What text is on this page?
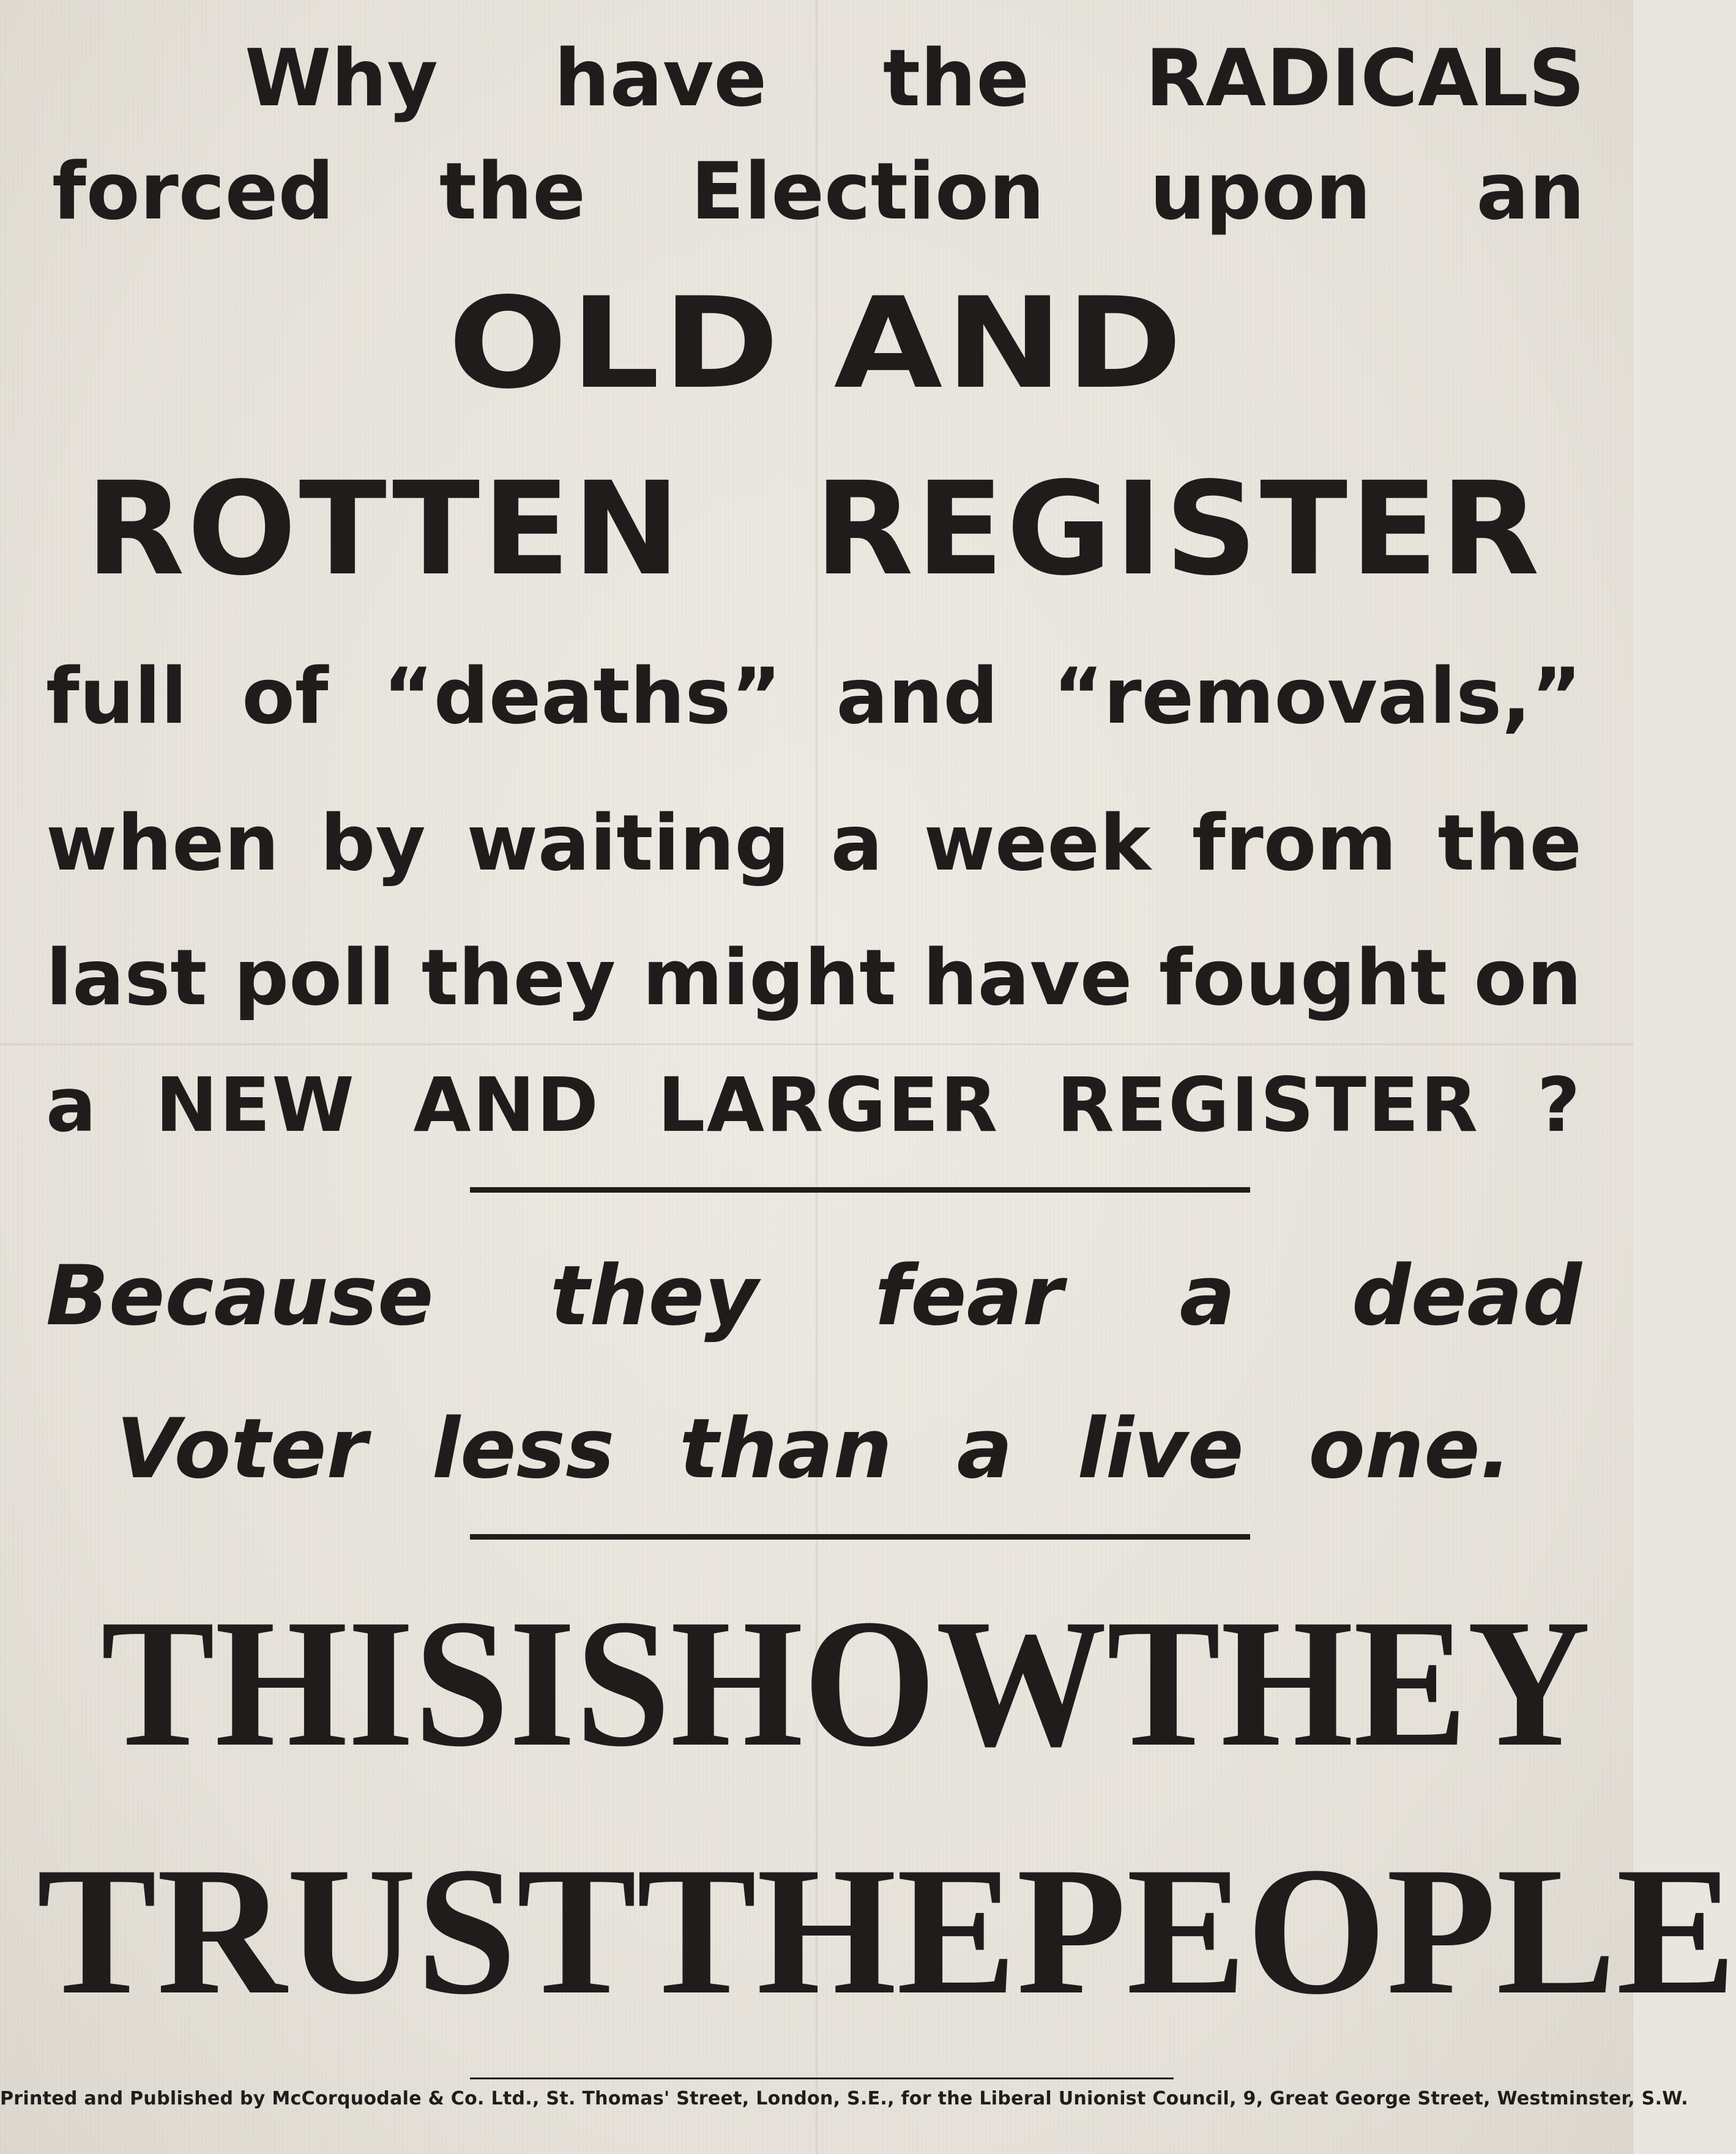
Why have the RADICALS
forced the Election upon an
OLD AND
ROTTEN REGISTER
full of “deaths” and “removals,”
when by waiting a week from the
last poll they might have fought on
a NEW AND LARGER REGISTER ?
Because they fear a dead
Voter less than a live one.
THIS IS HOW THEY
TRUST THE PEOPLE
Printed and Published by McCorquodale & Co. Ltd., St. Thomas' Street, London, S.E., for the Liberal Unionist Council, 9, Great George Street, Westminster, S.W.
